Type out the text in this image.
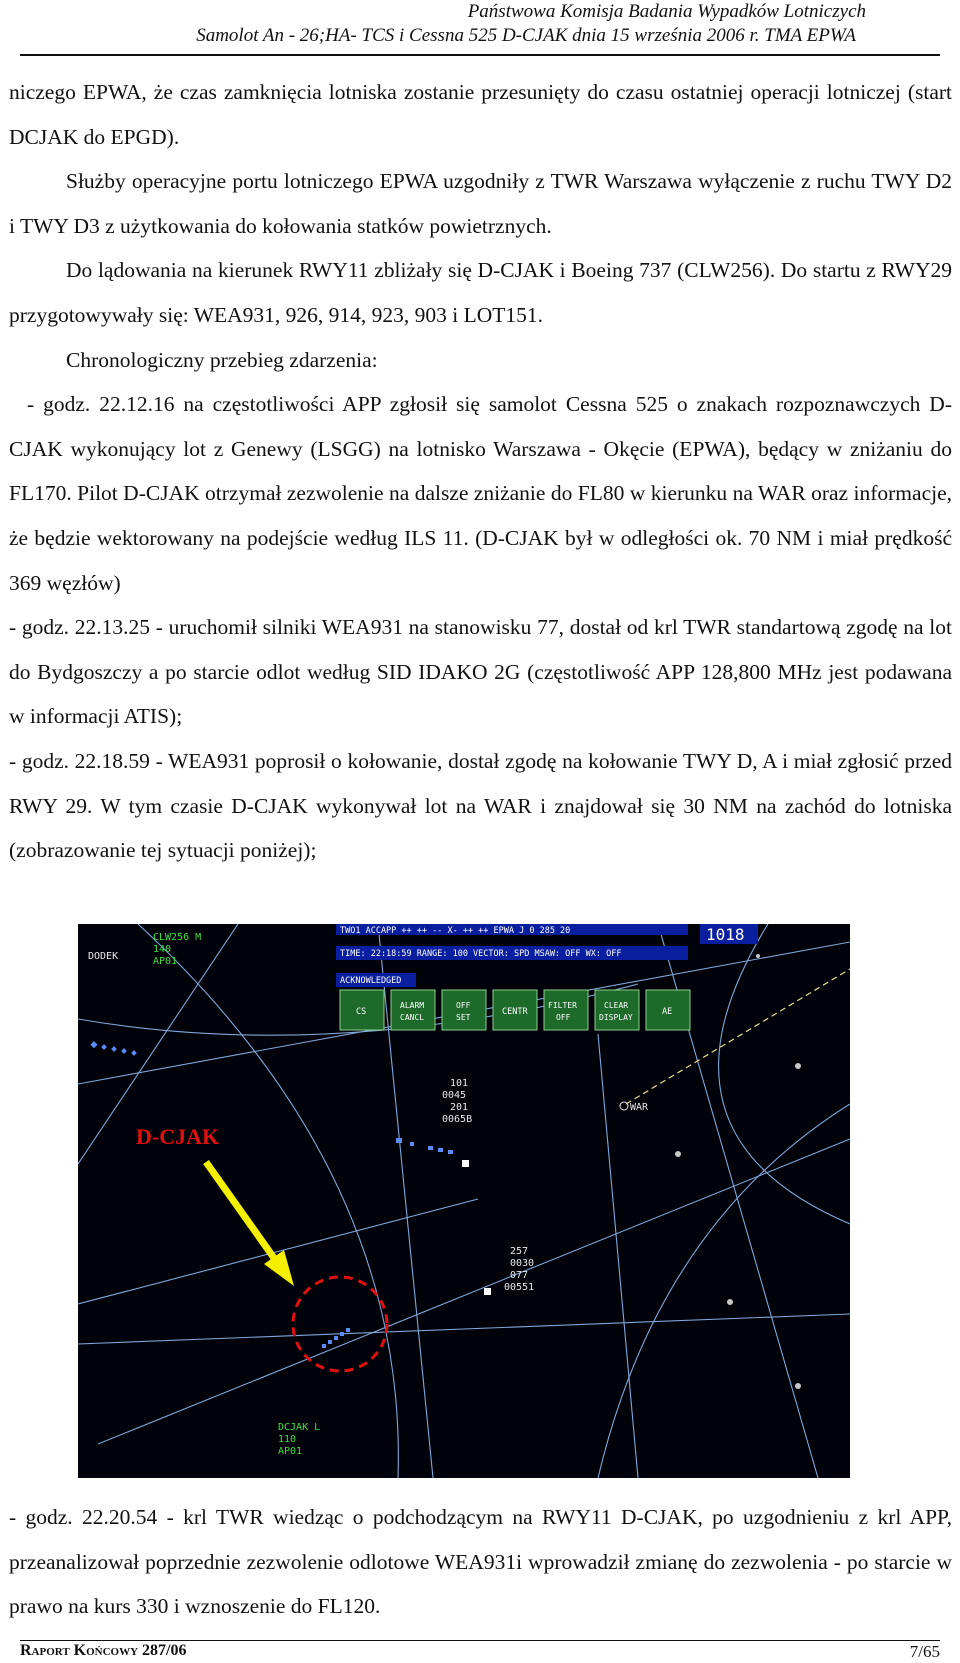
Państwowa Komisja Badania Wypadków Lotniczych
Samolot An - 26;HA- TCS i Cessna 525 D-CJAK dnia 15 września 2006 r. TMA EPWA

niczego EPWA, że czas zamknięcia lotniska zostanie przesunięty do czasu ostatniej operacji lotniczej (start DCJAK do EPGD).

Służby operacyjne portu lotniczego EPWA uzgodniły z TWR Warszawa wyłączenie z ruchu TWY D2 i TWY D3 z użytkowania do kołowania statków powietrznych.

Do lądowania na kierunek RWY11 zbliżały się D-CJAK i Boeing 737 (CLW256). Do startu z RWY29 przygotowywały się: WEA931, 926, 914, 923, 903 i LOT151.

Chronologiczny przebieg zdarzenia:

- godz. 22.12.16 na częstotliwości APP zgłosił się samolot Cessna 525 o znakach rozpoznawczych D-CJAK wykonujący lot z Genewy (LSGG) na lotnisko Warszawa - Okęcie (EPWA), będący w zniżaniu do FL170. Pilot D-CJAK otrzymał zezwolenie na dalsze zniżanie do FL80 w kierunku na WAR oraz informacje, że będzie wektorowany na podejście według ILS 11. (D-CJAK był w odległości ok. 70 NM i miał prędkość 369 węzłów)

- godz. 22.13.25 - uruchomił silniki WEA931 na stanowisku 77, dostał od krl TWR standartową zgodę na lot do Bydgoszczy a po starcie odlot według SID IDAKO 2G (częstotliwość APP 128,800 MHz jest podawana w informacji ATIS);

- godz. 22.18.59 - WEA931 poprosił o kołowanie, dostał zgodę na kołowanie TWY D, A i miał zgłosić przed RWY 29. W tym czasie D-CJAK wykonywał lot na WAR i znajdował się 30 NM na zachód do lotniska (zobrazowanie tej sytuacji poniżej);

TWO1 ACCAPP ++ ++ -- X- ++ ++ EPWA J 0 285 20	1018
TIME: 22:18:59 RANGE: 100 VECTOR: SPD MSAW: OFF WX: OFF
ACKNOWLEDGED
CS
ALARM
CANCL
OFF
SET
CENTR
FILTER
OFF
CLEAR
DISPLAY
AE
DODEK
CLW256 M
140
AP01
101
0045
201
0065B
257
0030
077
00551
DCJAK L
110
AP01
WAR
D-CJAK

- godz. 22.20.54 - krl TWR wiedząc o podchodzącym na RWY11 D-CJAK, po uzgodnieniu z krl APP, przeanalizował poprzednie zezwolenie odlotowe WEA931i wprowadził zmianę do zezwolenia - po starcie w prawo na kurs 330 i wznoszenie do FL120.

Raport Końcowy 287/06	7/65
